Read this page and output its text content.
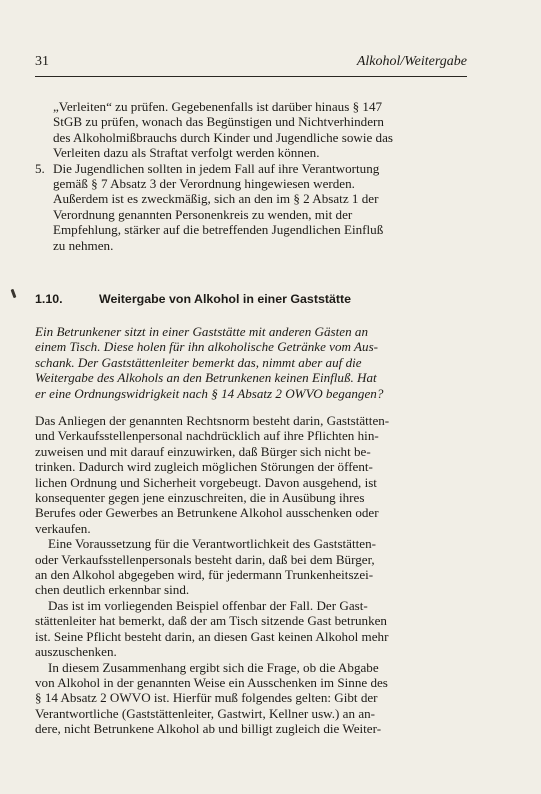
31	Alkohol/Weitergabe
„Verleiten“ zu prüfen. Gegebenenfalls ist darüber hinaus § 147
StGB zu prüfen, wonach das Begünstigen und Nichtverhindern
des Alkoholmißbrauchs durch Kinder und Jugendliche sowie das
Verleiten dazu als Straftat verfolgt werden können.
5. Die Jugendlichen sollten in jedem Fall auf ihre Verantwortung
gemäß § 7 Absatz 3 der Verordnung hingewiesen werden.
Außerdem ist es zweckmäßig, sich an den im § 2 Absatz 1 der
Verordnung genannten Personenkreis zu wenden, mit der
Empfehlung, stärker auf die betreffenden Jugendlichen Einfluß
zu nehmen.
1.10.	Weitergabe von Alkohol in einer Gaststätte
Ein Betrunkener sitzt in einer Gaststätte mit anderen Gästen an
einem Tisch. Diese holen für ihn alkoholische Getränke vom Aus-
schank. Der Gaststättenleiter bemerkt das, nimmt aber auf die
Weitergabe des Alkohols an den Betrunkenen keinen Einfluß. Hat
er eine Ordnungswidrigkeit nach § 14 Absatz 2 OWVO begangen?
Das Anliegen der genannten Rechtsnorm besteht darin, Gaststätten-
und Verkaufsstellenpersonal nachdrücklich auf ihre Pflichten hin-
zuweisen und mit darauf einzuwirken, daß Bürger sich nicht be-
trinken. Dadurch wird zugleich möglichen Störungen der öffent-
lichen Ordnung und Sicherheit vorgebeugt. Davon ausgehend, ist
konsequenter gegen jene einzuschreiten, die in Ausübung ihres
Berufes oder Gewerbes an Betrunkene Alkohol ausschenken oder
verkaufen.
Eine Voraussetzung für die Verantwortlichkeit des Gaststätten-
oder Verkaufsstellenpersonals besteht darin, daß bei dem Bürger,
an den Alkohol abgegeben wird, für jedermann Trunkenheitszei-
chen deutlich erkennbar sind.
Das ist im vorliegenden Beispiel offenbar der Fall. Der Gast-
stättenleiter hat bemerkt, daß der am Tisch sitzende Gast betrunken
ist. Seine Pflicht besteht darin, an diesen Gast keinen Alkohol mehr
auszuschenken.
In diesem Zusammenhang ergibt sich die Frage, ob die Abgabe
von Alkohol in der genannten Weise ein Ausschenken im Sinne des
§ 14 Absatz 2 OWVO ist. Hierfür muß folgendes gelten: Gibt der
Verantwortliche (Gaststättenleiter, Gastwirt, Kellner usw.) an an-
dere, nicht Betrunkene Alkohol ab und billigt zugleich die Weiter-
